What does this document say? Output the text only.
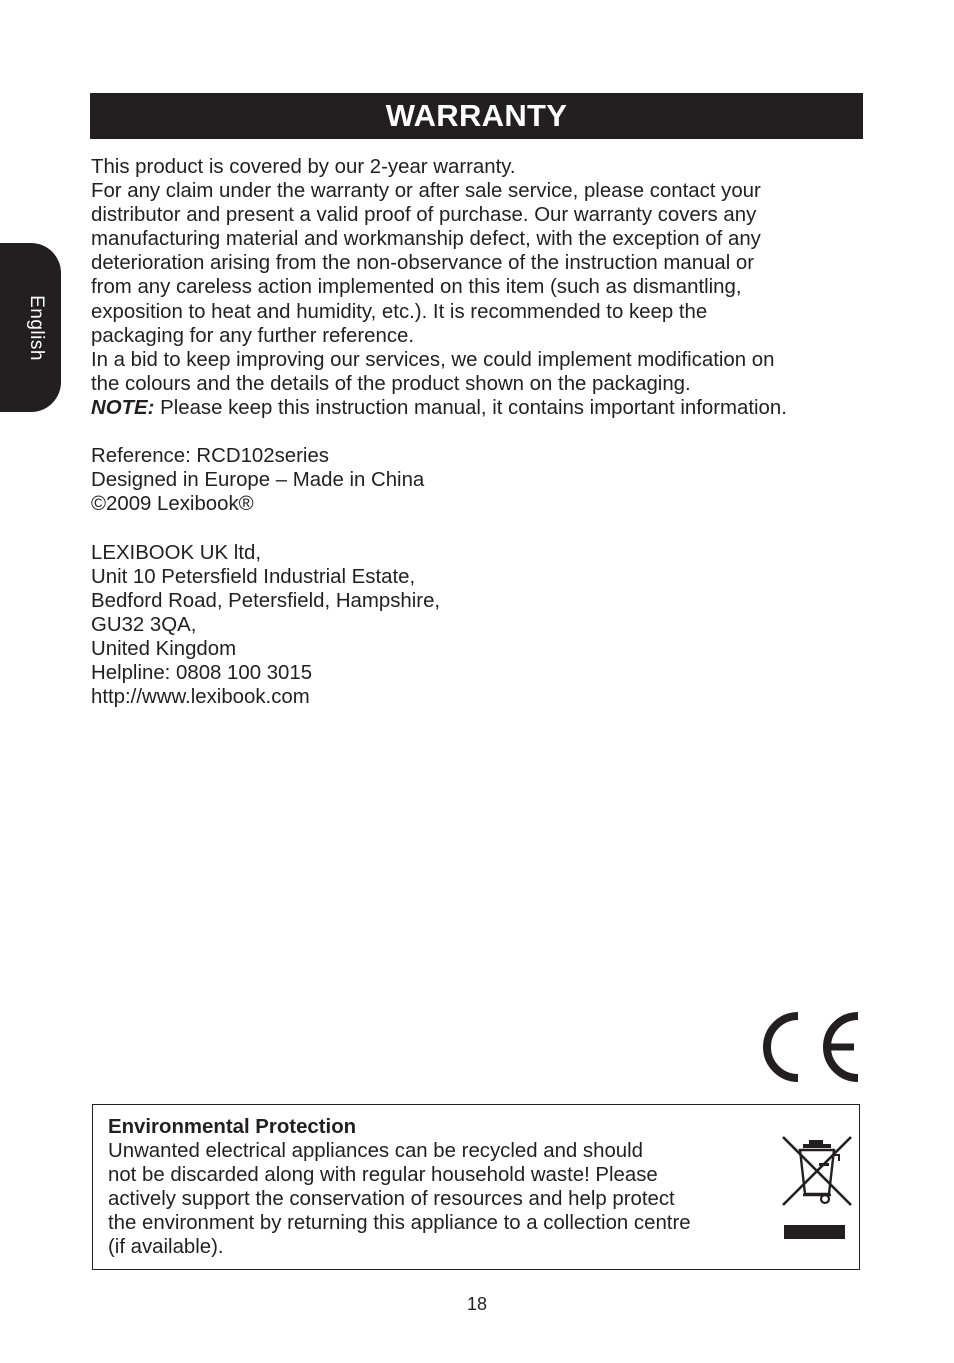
English
WARRANTY

This product is covered by our 2-year warranty.

For any claim under the warranty or after sale service, please contact your

distributor and present a valid proof of purchase. Our warranty covers any

manufacturing material and workmanship defect, with the exception of any

deterioration arising from the non-observance of the instruction manual or

from any careless action implemented on this item (such as dismantling,

exposition to heat and humidity, etc.). It is recommended to keep the

packaging for any further reference.

In a bid to keep improving our services, we could implement modification on

the colours and the details of the product shown on the packaging.

NOTE: Please keep this instruction manual, it contains important information.

Reference: RCD102series

Designed in Europe – Made in China

©2009 Lexibook®

LEXIBOOK UK ltd,

Unit 10 Petersfield Industrial Estate,

Bedford Road, Petersfield, Hampshire,

GU32 3QA,

United Kingdom

Helpline: 0808 100 3015

http://www.lexibook.com

Environmental Protection

Unwanted electrical appliances can be recycled and should

not be discarded along with regular household waste! Please

actively support the conservation of resources and help protect

the environment by returning this appliance to a collection centre

(if available).

18
